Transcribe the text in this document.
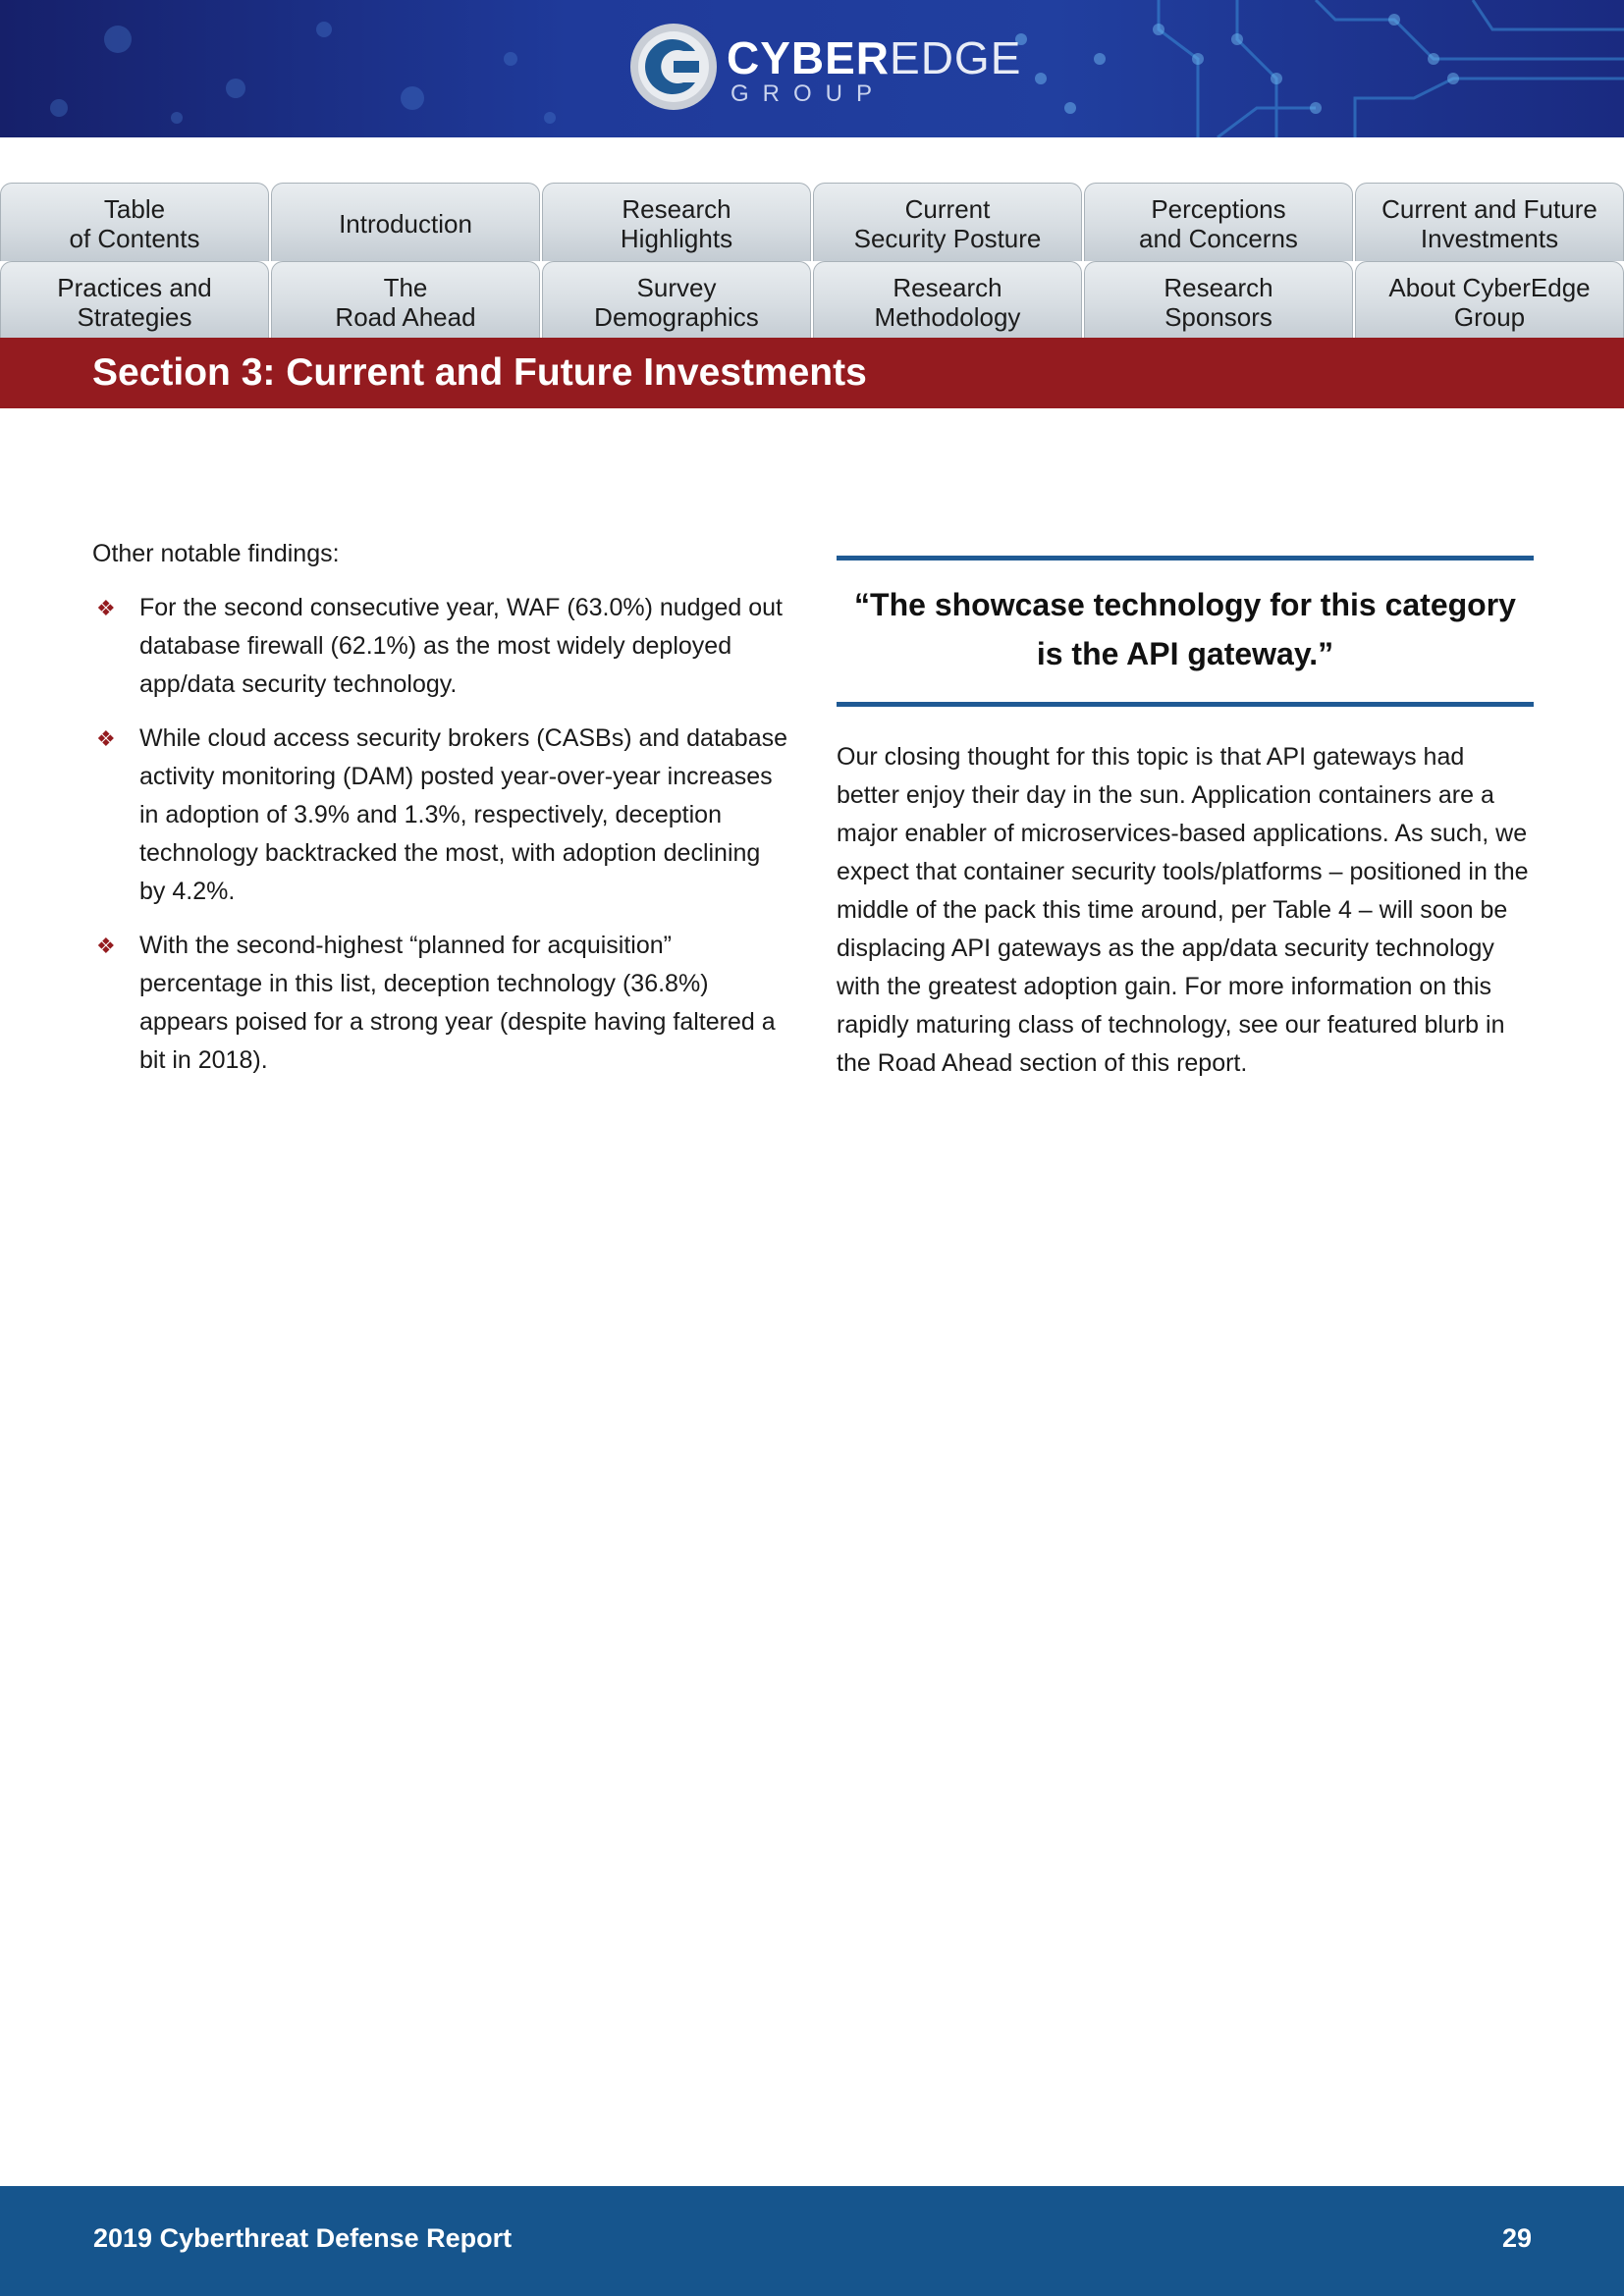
CYBEREDGE
GROUP
Table
of Contents	Introduction	Research
Highlights
Current
Security Posture
Perceptions
and Concerns
Current and Future
Investments
Practices and
Strategies
The
Road Ahead
Survey
Demographics
Research
Methodology
Research
Sponsors
About CyberEdge
Group
Section 3: Current and Future Investments

Other notable findings:

❖ For the second consecutive year, WAF (63.0%) nudged out database firewall (62.1%) as the most widely deployed app/data security technology.
❖ While cloud access security brokers (CASBs) and database activity monitoring (DAM) posted year-over-year increases in adoption of 3.9% and 1.3%, respectively, deception technology backtracked the most, with adoption declining by 4.2%.
❖ With the second-highest “planned for acquisition” percentage in this list, deception technology (36.8%) appears poised for a strong year (despite having faltered a bit in 2018).
“The showcase technology for this category
is the API gateway.”
Our closing thought for this topic is that API gateways had better enjoy their day in the sun. Application containers are a major enabler of microservices-based applications. As such, we expect that container security tools/platforms – positioned in the middle of the pack this time around, per Table 4 – will soon be displacing API gateways as the app/data security technology with the greatest adoption gain. For more information on this rapidly maturing class of technology, see our featured blurb in the Road Ahead section of this report.
2019 Cyberthreat Defense Report	29
